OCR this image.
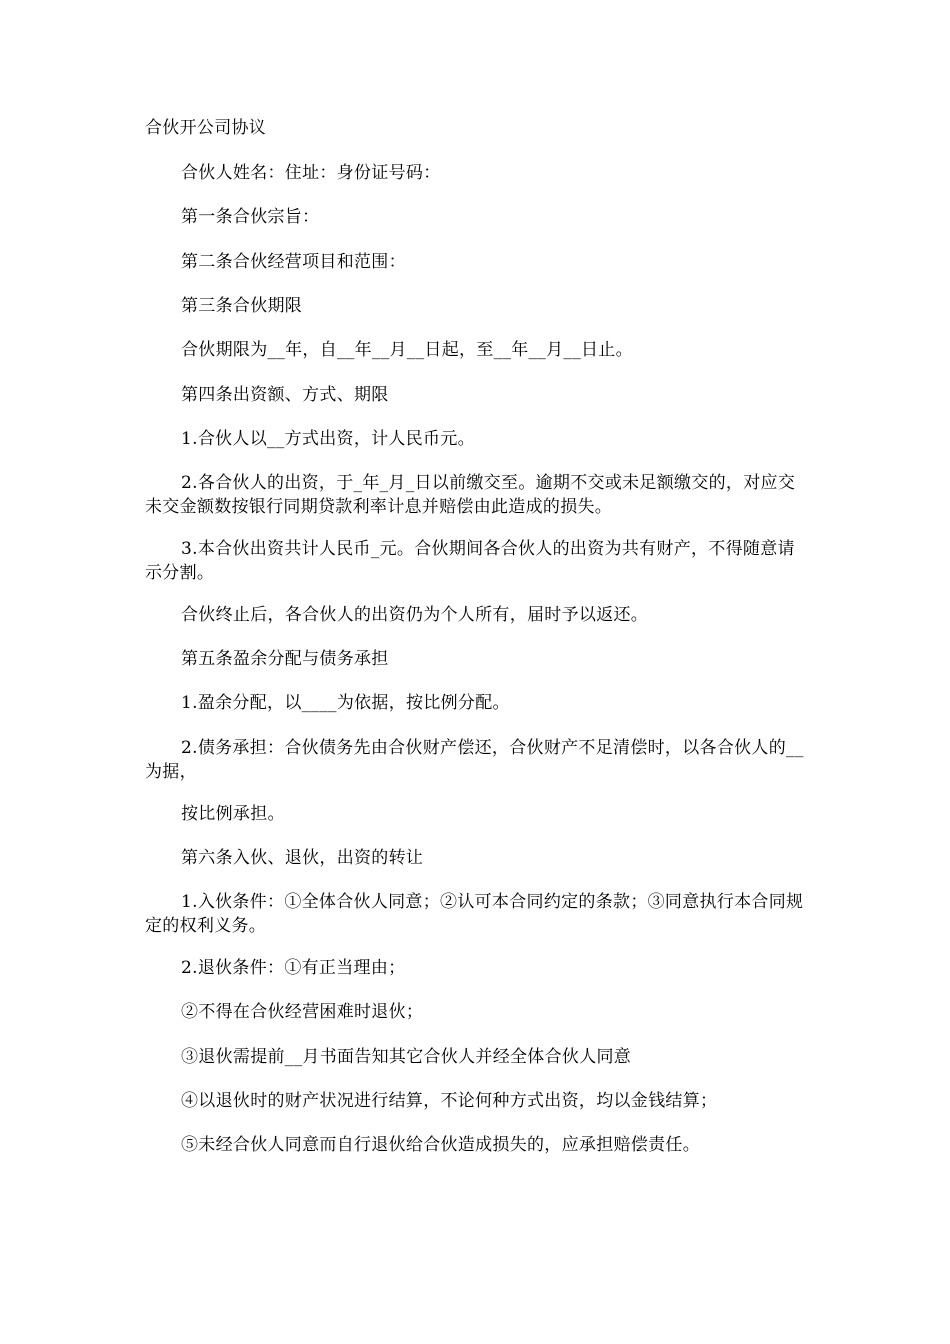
合伙开公司协议

合伙人姓名：住址：身份证号码：

第一条合伙宗旨：

第二条合伙经营项目和范围：

第三条合伙期限

合伙期限为__年，自__年__月__日起，至__年__月__日止。

第四条出资额、方式、期限

1.合伙人以__方式出资，计人民币元。

2.各合伙人的出资，于_年_月_日以前缴交至。逾期不交或未足额缴交的，对应交未交金额数按银行同期贷款利率计息并赔偿由此造成的损失。

3.本合伙出资共计人民币_元。合伙期间各合伙人的出资为共有财产，不得随意请示分割。

合伙终止后，各合伙人的出资仍为个人所有，届时予以返还。

第五条盈余分配与债务承担

1.盈余分配，以____为依据，按比例分配。

2.债务承担：合伙债务先由合伙财产偿还，合伙财产不足清偿时，以各合伙人的__为据，

按比例承担。

第六条入伙、退伙，出资的转让

1.入伙条件：①全体合伙人同意；②认可本合同约定的条款；③同意执行本合同规定的权利义务。

2.退伙条件：①有正当理由；

②不得在合伙经营困难时退伙；

③退伙需提前__月书面告知其它合伙人并经全体合伙人同意

④以退伙时的财产状况进行结算，不论何种方式出资，均以金钱结算；

⑤未经合伙人同意而自行退伙给合伙造成损失的，应承担赔偿责任。
